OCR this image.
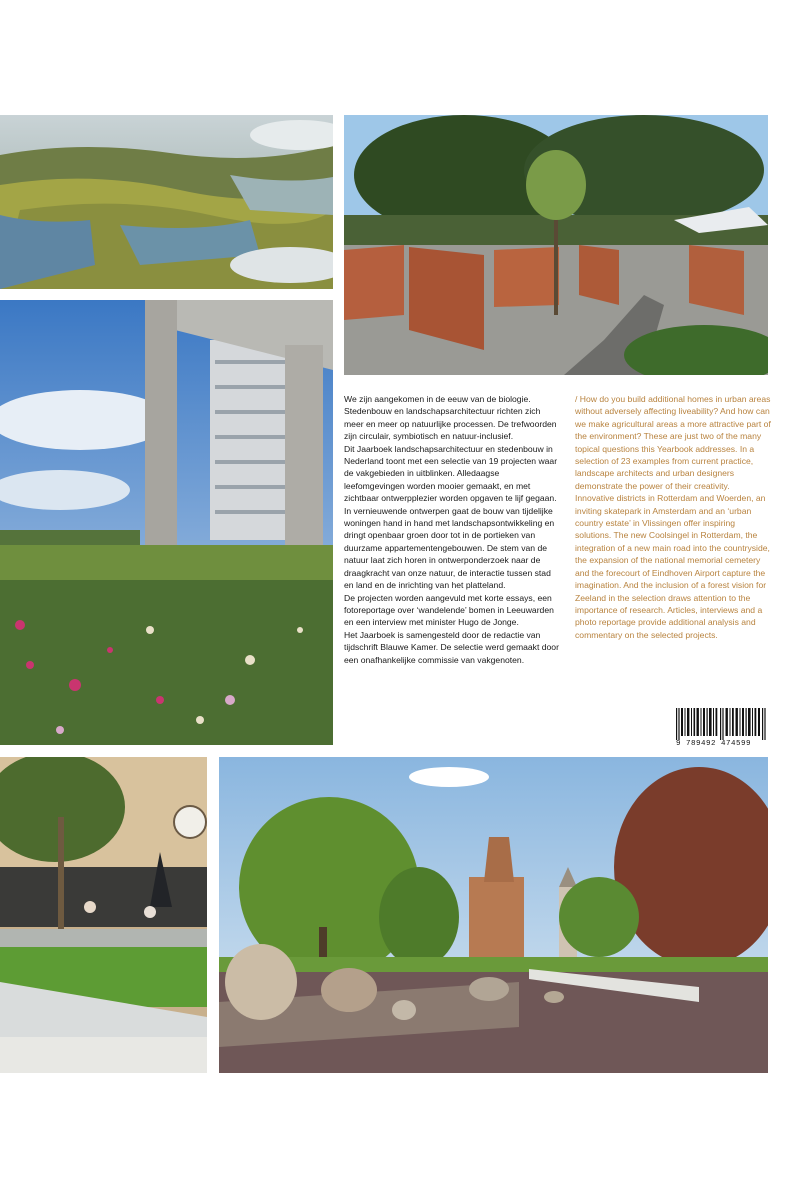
We zijn aangekomen in de eeuw van de biologie. Stedenbouw en landschapsarchitectuur richten zich meer en meer op natuurlijke processen. De trefwoorden zijn circulair, symbiotisch en natuur-inclusief.

Dit Jaarboek landschapsarchitectuur en stedenbouw in Nederland toont met een selectie van 19 projecten waar de vakgebieden in uitblinken. Alledaagse leefomgevingen worden mooier gemaakt, en met zichtbaar ontwerpplezier worden opgaven te lijf gegaan. In vernieuwende ontwerpen gaat de bouw van tijdelijke woningen hand in hand met landschapsontwikkeling en dringt openbaar groen door tot in de portieken van duurzame appartementengebouwen. De stem van de natuur laat zich horen in ontwerponderzoek naar de draagkracht van onze natuur, de interactie tussen stad en land en de inrichting van het platteland.

De projecten worden aangevuld met korte essays, een fotoreportage over ‘wandelende’ bomen in Leeuwarden en een interview met minister Hugo de Jonge.

Het Jaarboek is samengesteld door de redactie van tijdschrift Blauwe Kamer. De selectie werd gemaakt door een onafhankelijke commissie van vakgenoten.

/ How do you build additional homes in urban areas without adversely affecting liveability? And how can we make agricultural areas a more attractive part of the environment? These are just two of the many topical questions this Yearbook addresses. In a selection of 23 examples from current practice, landscape architects and urban designers demonstrate the power of their creativity. Innovative districts in Rotterdam and Woerden, an inviting skatepark in Amsterdam and an ‘urban country estate’ in Vlissingen offer inspiring solutions. The new Coolsingel in Rotterdam, the integration of a new main road into the countryside, the expansion of the national memorial cemetery and the forecourt of Eindhoven Airport capture the imagination. And the inclusion of a forest vision for Zeeland in the selection draws attention to the importance of research. Articles, interviews and a photo reportage provide additional analysis and commentary on the selected projects.

9 789492 474599
